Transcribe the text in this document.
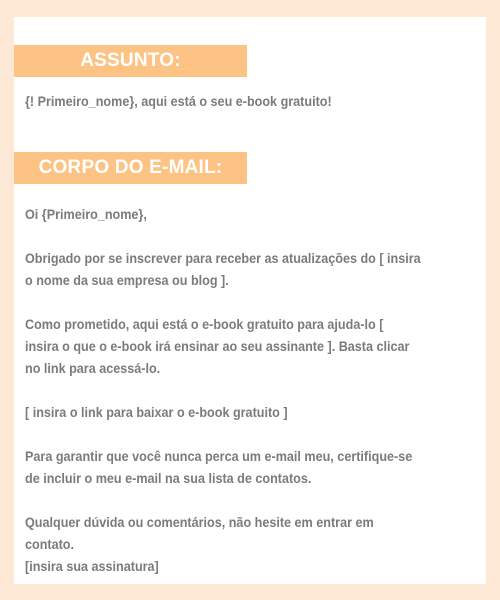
ASSUNTO:
{! Primeiro_nome}, aqui está o seu e-book gratuito!
CORPO DO E-MAIL:

Oi {Primeiro_nome},

Obrigado por se inscrever para receber as atualizações do [ insira
o nome da sua empresa ou blog ].

Como prometido, aqui está o e-book gratuito para ajuda-lo [
insira o que o e-book irá ensinar ao seu assinante ]. Basta clicar
no link para acessá-lo.

[ insira o link para baixar o e-book gratuito ]

Para garantir que você nunca perca um e-mail meu, certifique-se
de incluir o meu e-mail na sua lista de contatos.

Qualquer dúvida ou comentários, não hesite em entrar em
contato.
[insira sua assinatura]
